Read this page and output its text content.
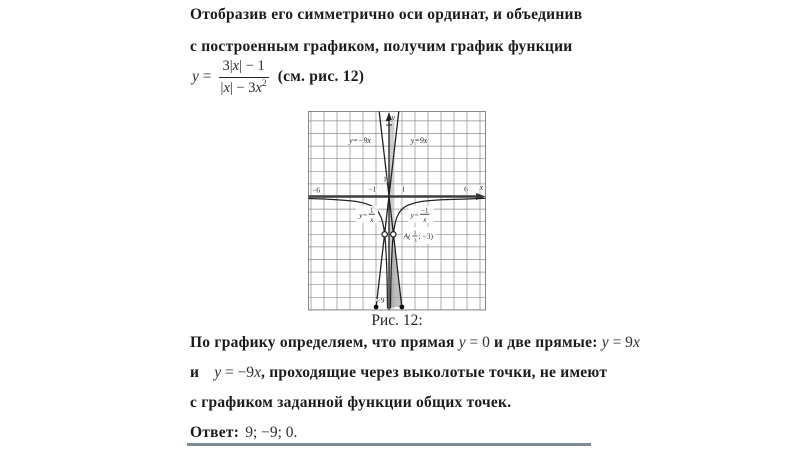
Отобразив его симметрично оси ординат, и объединив
с построенным графиком, получим график функции
$y = \frac{3|x| - 1}{|x| - 3x^2} (см$. рис. 12)
y=−9x	y=9x
y= 1
x
y= −1
x
A( 1
3
; −3)
−6	−1
1
1	6
−9
x
y
Рис. 12:
По графику определяем, что прямая y = 0 и две прямые: y = 9x
и y = −9x, проходящие через выколотые точки, не имеют
с графиком заданной функции общих точек.
Ответ: 9; −9; 0.
